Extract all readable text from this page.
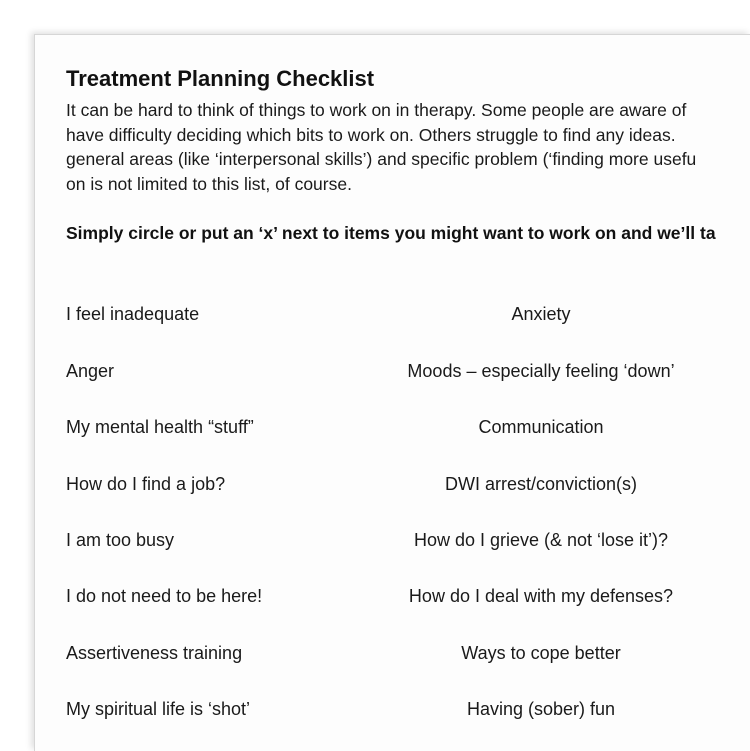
Treatment Planning Checklist
It can be hard to think of things to work on in therapy. Some people are aware of
have difficulty deciding which bits to work on. Others struggle to find any ideas.
general areas (like ‘interpersonal skills’) and specific problem (‘finding more usefu
on is not limited to this list, of course.
Simply circle or put an ‘x’ next to items you might want to work on and we’ll ta
I feel inadequate	Anxiety
Anger	Moods – especially feeling ‘down’
My mental health “stuff”	Communication
How do I find a job?	DWI arrest/conviction(s)
I am too busy	How do I grieve (& not ‘lose it’)?
I do not need to be here!	How do I deal with my defenses?
Assertiveness training	Ways to cope better
My spiritual life is ‘shot’	Having (sober) fun
